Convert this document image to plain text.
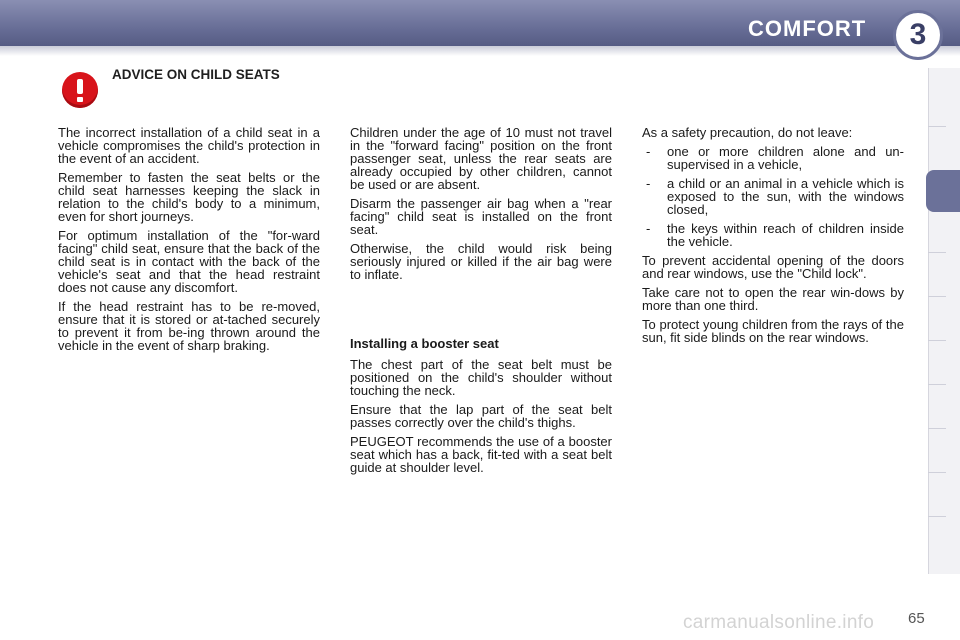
COMFORT	3
ADVICE ON CHILD SEATS

The incorrect installation of a child seat in a vehicle compromises the child's protection in the event of an accident.

Remember to fasten the seat belts or the child seat harnesses keeping the slack in relation to the child's body to a minimum, even for short journeys.

For optimum installation of the "for-ward facing" child seat, ensure that the back of the child seat is in contact with the back of the vehicle's seat and that the head restraint does not cause any discomfort.

If the head restraint has to be re-moved, ensure that it is stored or at-tached securely to prevent it from be-ing thrown around the vehicle in the event of sharp braking.

Children under the age of 10 must not travel in the "forward facing" position on the front passenger seat, unless the rear seats are already occupied by other children, cannot be used or are absent.

Disarm the passenger air bag when a "rear facing" child seat is installed on the front seat.

Otherwise, the child would risk being seriously injured or killed if the air bag were to inflate.

Installing a booster seat

The chest part of the seat belt must be positioned on the child's shoulder without touching the neck.

Ensure that the lap part of the seat belt passes correctly over the child's thighs.

PEUGEOT recommends the use of a booster seat which has a back, fit-ted with a seat belt guide at shoulder level.

As a safety precaution, do not leave:

- one or more children alone and un-supervised in a vehicle,
- a child or an animal in a vehicle which is exposed to the sun, with the windows closed,
- the keys within reach of children inside the vehicle.

To prevent accidental opening of the doors and rear windows, use the "Child lock".

Take care not to open the rear win-dows by more than one third.

To protect young children from the rays of the sun, fit side blinds on the rear windows.

carmanualsonline.info 65
